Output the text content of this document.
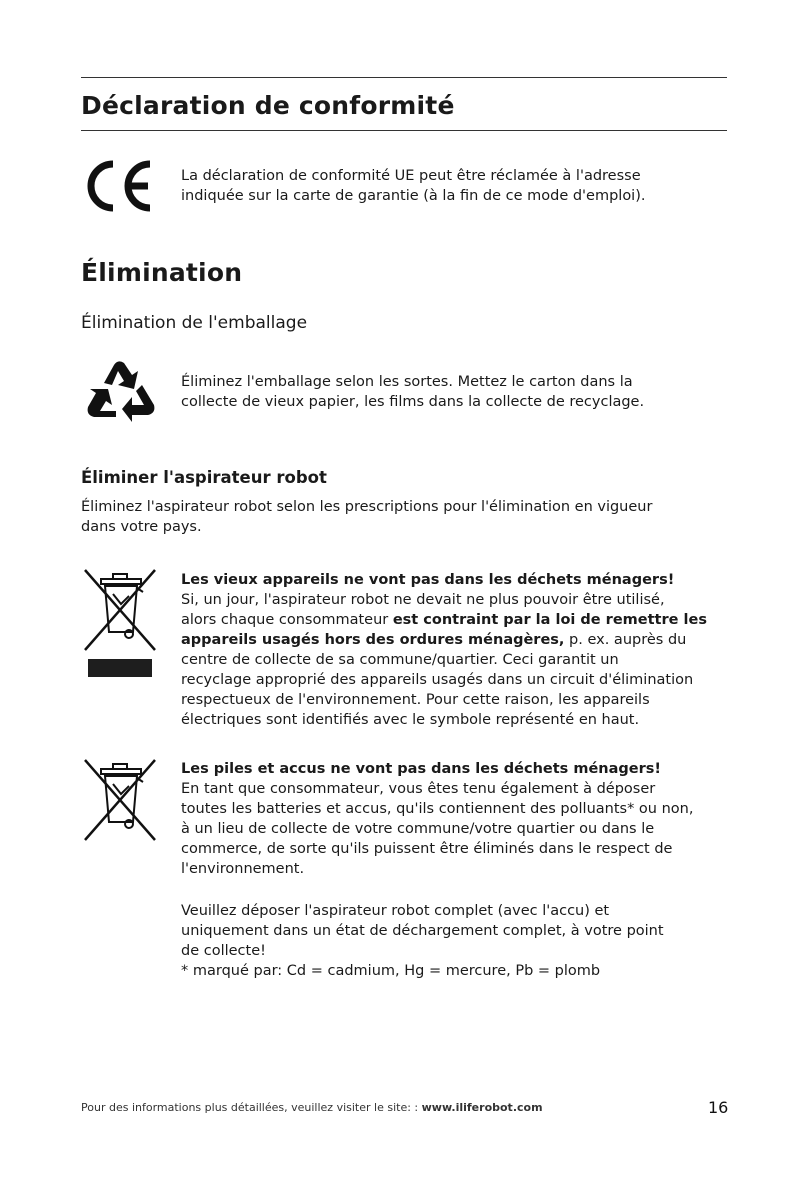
Déclaration de conformité

La déclaration de conformité UE peut être réclamée à l'adresse

indiquée sur la carte de garantie (à la fin de ce mode d'emploi).

Élimination
Élimination de l'emballage

Éliminez l'emballage selon les sortes. Mettez le carton dans la

collecte de vieux papier, les films dans la collecte de recyclage.

Éliminer l'aspirateur robot

Éliminez l'aspirateur robot selon les prescriptions pour l'élimination en vigueur

dans votre pays.

Les vieux appareils ne vont pas dans les déchets ménagers!

Si, un jour, l'aspirateur robot ne devait ne plus pouvoir être utilisé,

alors chaque consommateur est contraint par la loi de remettre les

appareils usagés hors des ordures ménagères, p. ex. auprès du

centre de collecte de sa commune/quartier. Ceci garantit un

recyclage approprié des appareils usagés dans un circuit d'élimination

respectueux de l'environnement. Pour cette raison, les appareils

électriques sont identifiés avec le symbole représenté en haut.

Les piles et accus ne vont pas dans les déchets ménagers!

En tant que consommateur, vous êtes tenu également à déposer

toutes les batteries et accus, qu'ils contiennent des polluants* ou non,

à un lieu de collecte de votre commune/votre quartier ou dans le

commerce, de sorte qu'ils puissent être éliminés dans le respect de

l'environnement.

Veuillez déposer l'aspirateur robot complet (avec l'accu) et

uniquement dans un état de déchargement complet, à votre point

de collecte!

* marqué par: Cd = cadmium, Hg = mercure, Pb = plomb

Pour des informations plus détaillées, veuillez visiter le site: : www.iliferobot.com	16
